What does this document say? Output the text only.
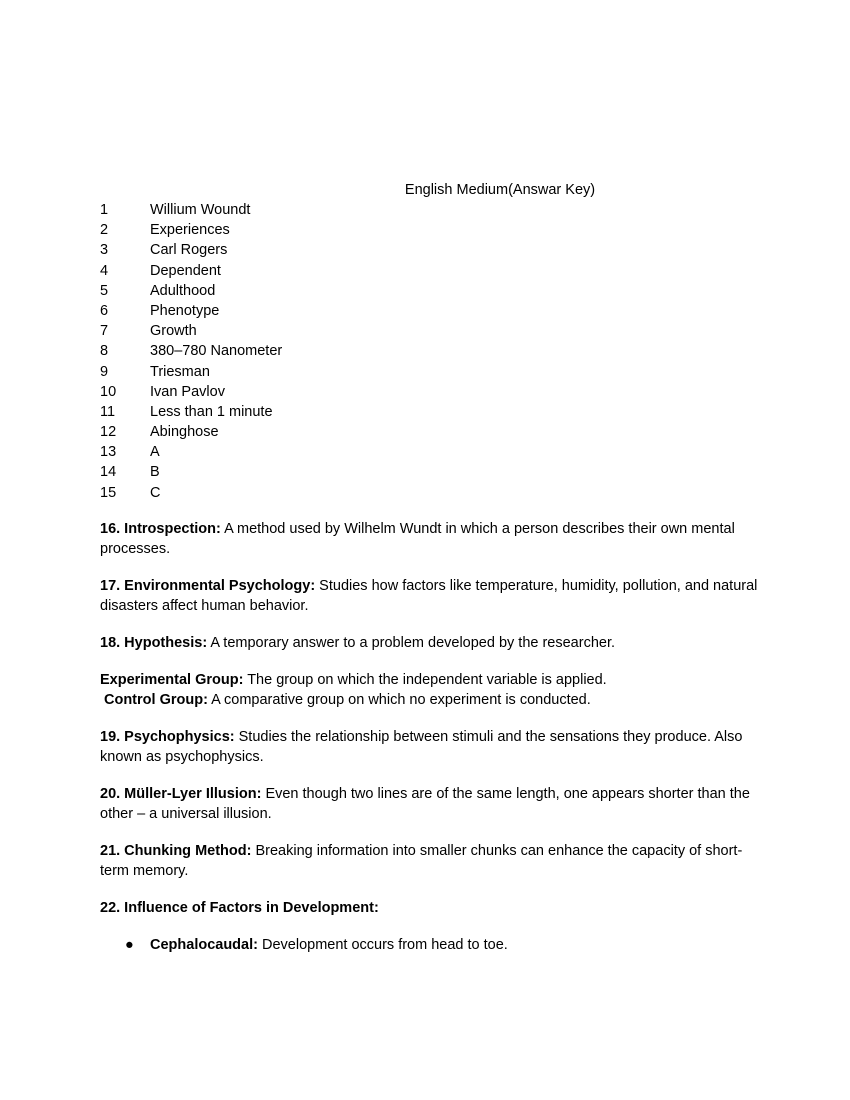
English Medium(Answar Key)
1	Willium Woundt
2	Experiences
3	Carl Rogers
4	Dependent
5	Adulthood
6	Phenotype
7	Growth
8	380–780 Nanometer
9	Triesman
10 Ivan Pavlov
11 Less than 1 minute
12 Abinghose
13 A
14 B
15 C

16. Introspection: A method used by Wilhelm Wundt in which a person describes their own mental processes.

17. Environmental Psychology: Studies how factors like temperature, humidity, pollution, and natural disasters affect human behavior.

18. Hypothesis: A temporary answer to a problem developed by the researcher.

Experimental Group: The group on which the independent variable is applied.
Control Group: A comparative group on which no experiment is conducted.

19. Psychophysics: Studies the relationship between stimuli and the sensations they produce. Also known as psychophysics.

20. Müller-Lyer Illusion: Even though two lines are of the same length, one appears shorter than the other – a universal illusion.

21. Chunking Method: Breaking information into smaller chunks can enhance the capacity of short-term memory.

22. Influence of Factors in Development:

● Cephalocaudal: Development occurs from head to toe.
